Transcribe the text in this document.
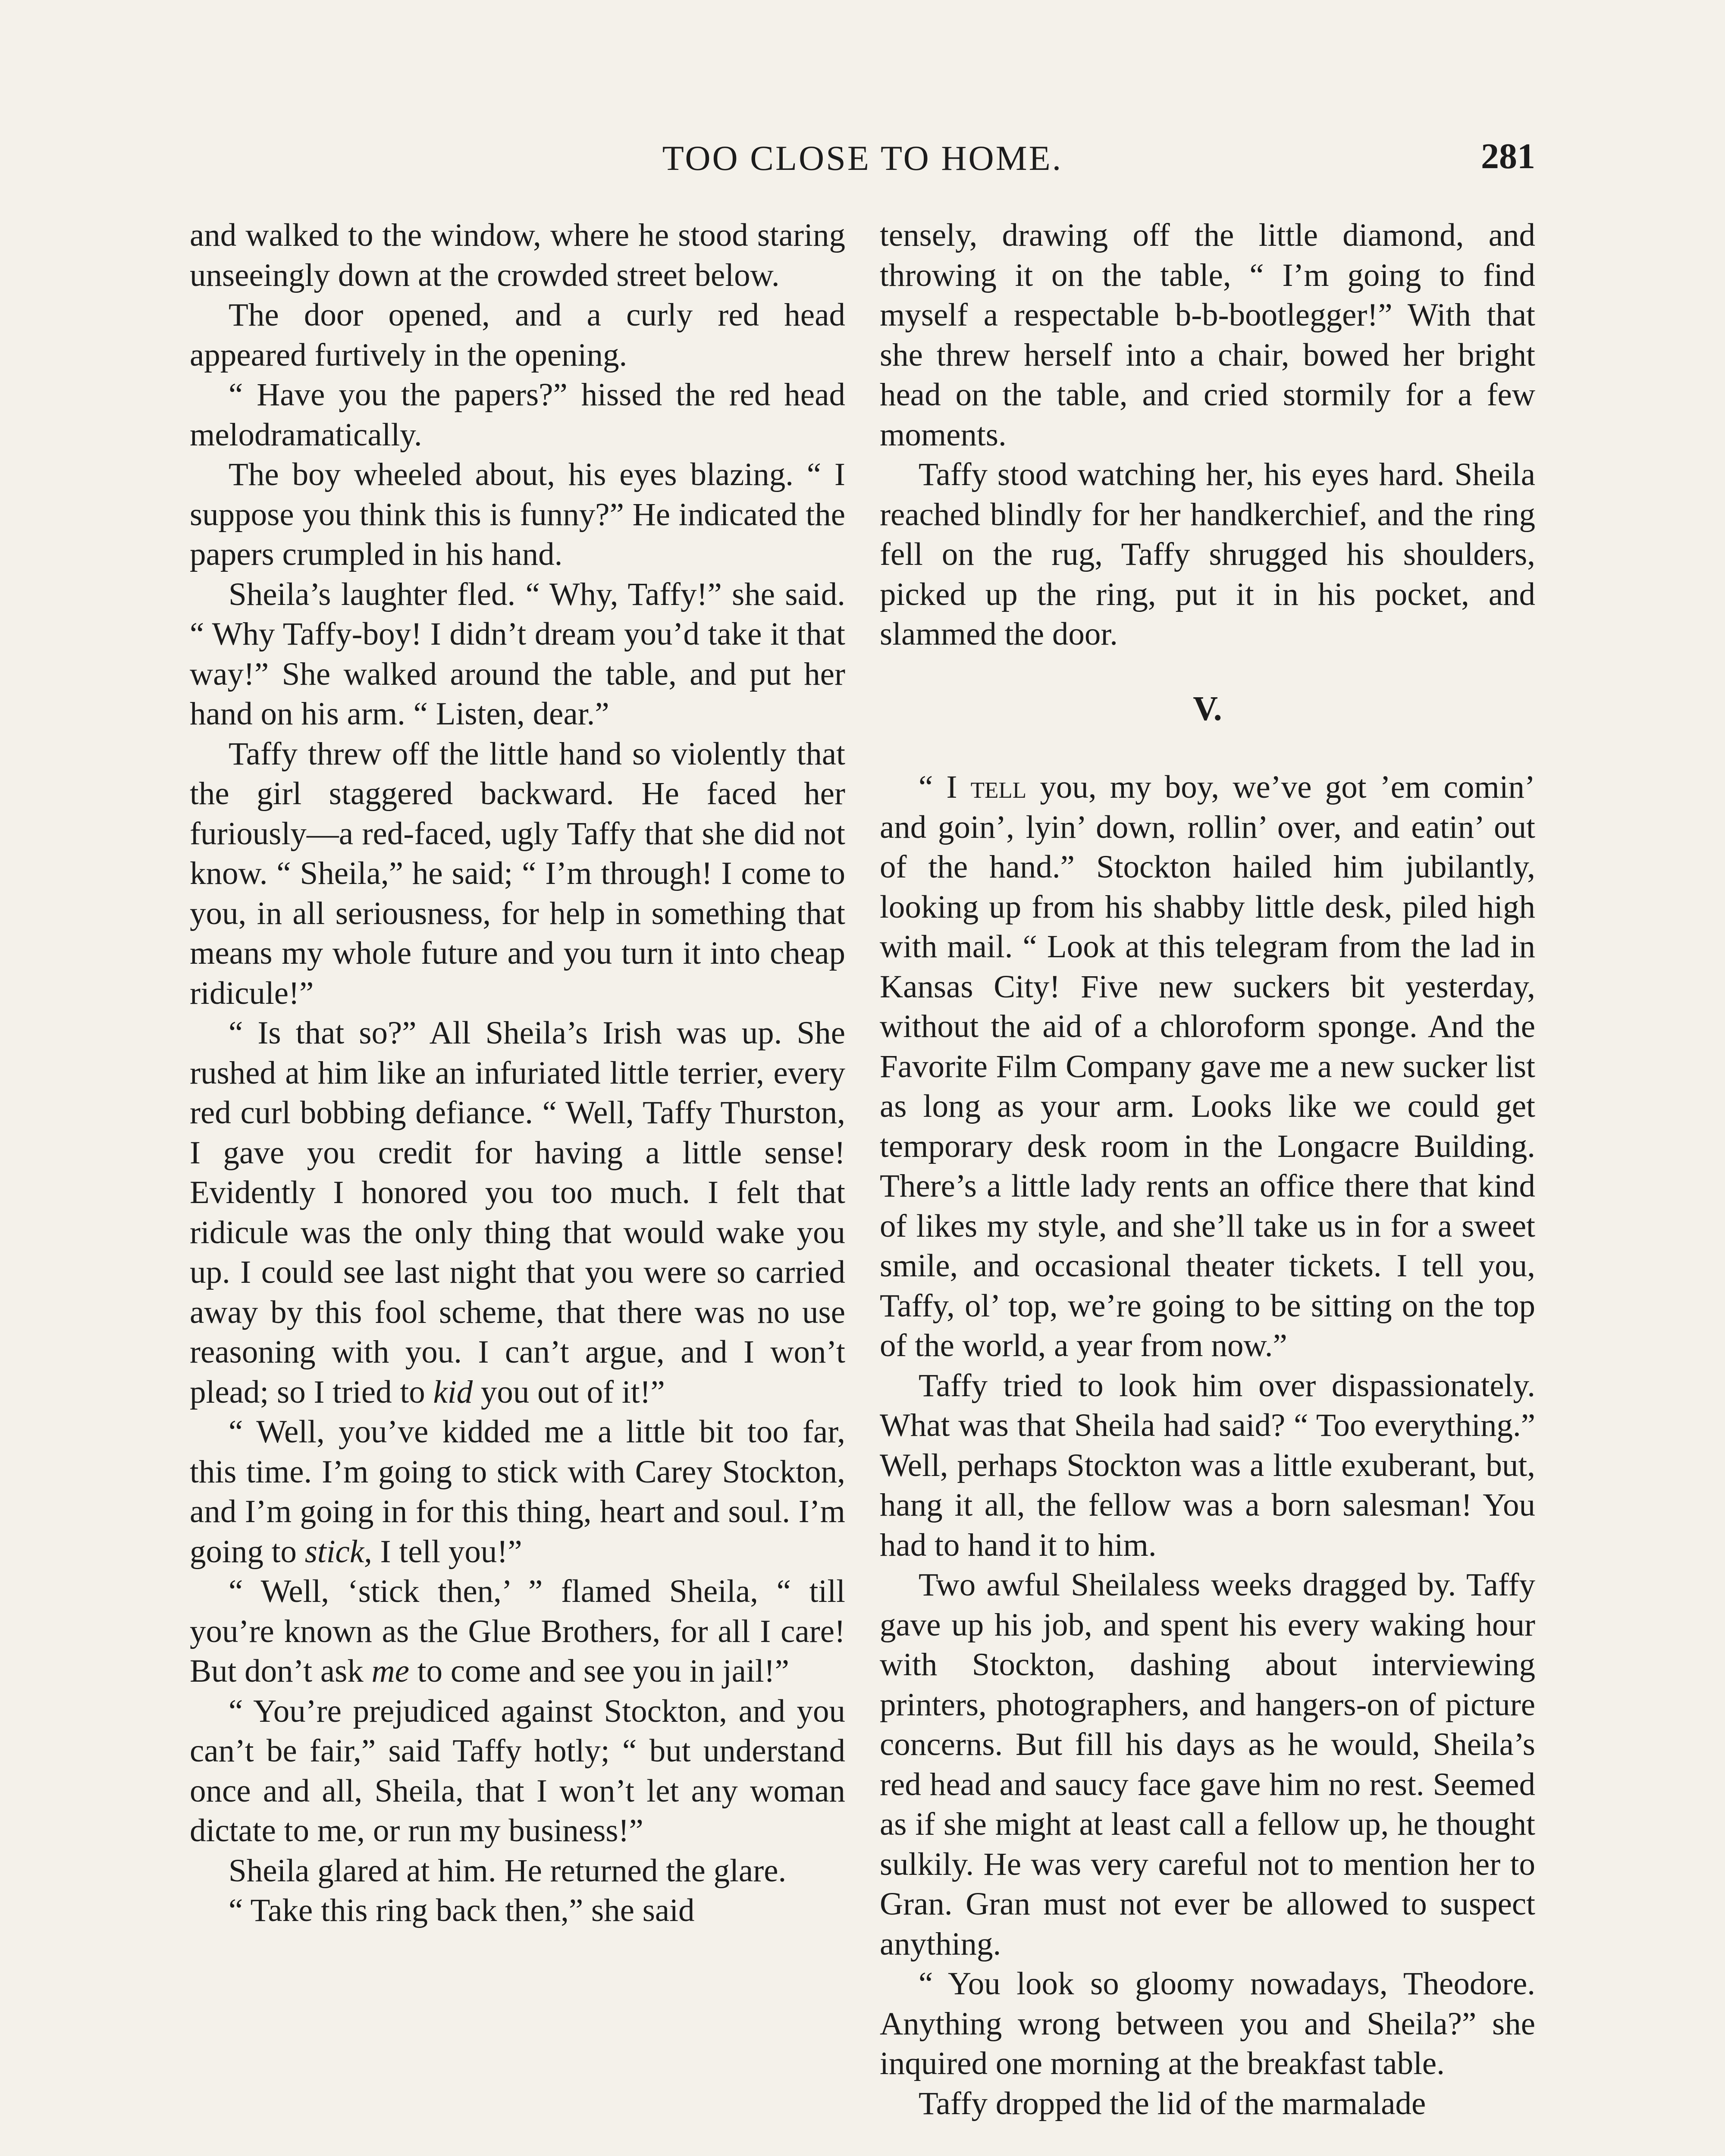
TOO CLOSE TO HOME.	281

and walked to the window, where he stood staring unseeingly down at the crowded street below.

The door opened, and a curly red head appeared furtively in the opening.

“ Have you the papers?” hissed the red head melodramatically.

The boy wheeled about, his eyes blazing. “ I suppose you think this is funny?” He indicated the papers crumpled in his hand.

Sheila’s laughter fled. “ Why, Taffy!” she said. “ Why Taffy-boy! I didn’t dream you’d take it that way!” She walked around the table, and put her hand on his arm. “ Listen, dear.”

Taffy threw off the little hand so violently that the girl staggered backward. He faced her furiously—a red-faced, ugly Taffy that she did not know. “ Sheila,” he said; “ I’m through! I come to you, in all seriousness, for help in something that means my whole future and you turn it into cheap ridicule!”

“ Is that so?” All Sheila’s Irish was up. She rushed at him like an infuriated little terrier, every red curl bobbing defiance. “ Well, Taffy Thurston, I gave you credit for having a little sense! Evidently I honored you too much. I felt that ridicule was the only thing that would wake you up. I could see last night that you were so carried away by this fool scheme, that there was no use reasoning with you. I can’t argue, and I won’t plead; so I tried to kid you out of it!”

“ Well, you’ve kidded me a little bit too far, this time. I’m going to stick with Carey Stockton, and I’m going in for this thing, heart and soul. I’m going to stick, I tell you!”

“ Well, ‘stick then,’ ” flamed Sheila, “ till you’re known as the Glue Brothers, for all I care! But don’t ask me to come and see you in jail!”

“ You’re prejudiced against Stockton, and you can’t be fair,” said Taffy hotly; “ but understand once and all, Sheila, that I won’t let any woman dictate to me, or run my business!”

Sheila glared at him. He returned the glare.

“ Take this ring back then,” she said

tensely, drawing off the little diamond, and throwing it on the table, “ I’m going to find myself a respectable b-b-bootlegger!” With that she threw herself into a chair, bowed her bright head on the table, and cried stormily for a few moments.

Taffy stood watching her, his eyes hard. Sheila reached blindly for her handkerchief, and the ring fell on the rug, Taffy shrugged his shoulders, picked up the ring, put it in his pocket, and slammed the door.

V.

“ I tell you, my boy, we’ve got ’em comin’ and goin’, lyin’ down, rollin’ over, and eatin’ out of the hand.” Stockton hailed him jubilantly, looking up from his shabby little desk, piled high with mail. “ Look at this telegram from the lad in Kansas City! Five new suckers bit yesterday, without the aid of a chloroform sponge. And the Favorite Film Company gave me a new sucker list as long as your arm. Looks like we could get temporary desk room in the Longacre Building. There’s a little lady rents an office there that kind of likes my style, and she’ll take us in for a sweet smile, and occasional theater tickets. I tell you, Taffy, ol’ top, we’re going to be sitting on the top of the world, a year from now.”

Taffy tried to look him over dispassionately. What was that Sheila had said? “ Too everything.” Well, perhaps Stockton was a little exuberant, but, hang it all, the fellow was a born salesman! You had to hand it to him.

Two awful Sheilaless weeks dragged by. Taffy gave up his job, and spent his every waking hour with Stockton, dashing about interviewing printers, photographers, and hangers-on of picture concerns. But fill his days as he would, Sheila’s red head and saucy face gave him no rest. Seemed as if she might at least call a fellow up, he thought sulkily. He was very careful not to mention her to Gran. Gran must not ever be allowed to suspect anything.

“ You look so gloomy nowadays, Theodore. Anything wrong between you and Sheila?” she inquired one morning at the breakfast table.

Taffy dropped the lid of the marmalade
